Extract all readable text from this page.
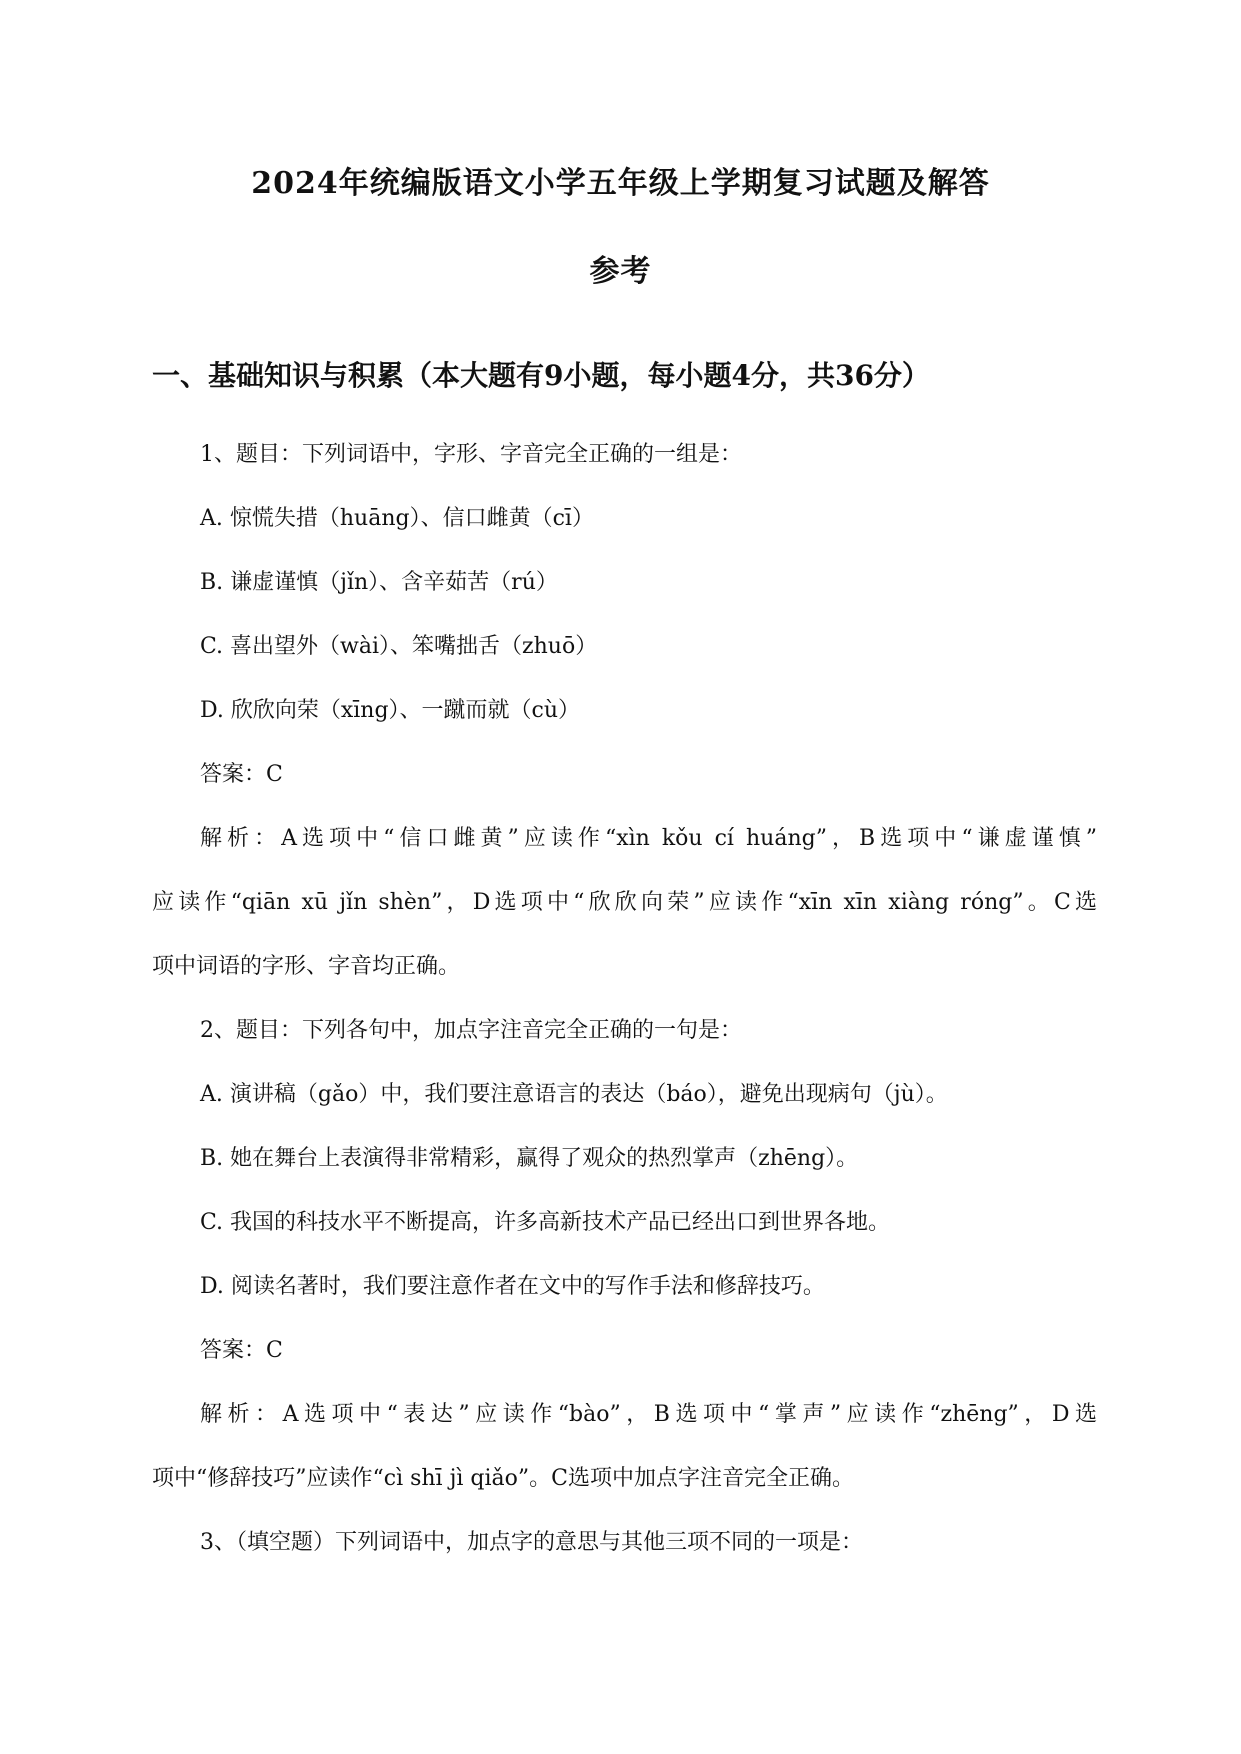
2024年统编版语文小学五年级上学期复习试题及解答
参考
一、基础知识与积累（本大题有9小题，每小题4分，共36分）
1、题目：下列词语中，字形、字音完全正确的一组是：
A. 惊慌失措（huāng）、信口雌黄（cī）
B. 谦虚谨慎（jǐn）、含辛茹苦（rú）
C. 喜出望外（wài）、笨嘴拙舌（zhuō）
D. 欣欣向荣（xīng）、一蹴而就（cù）
答案：C
解析：A选项中“信口雌黄”应读作“xìn kǒu cí huáng”，B选项中“谦虚谨慎”
应读作“qiān xū jǐn shèn”，D选项中“欣欣向荣”应读作“xīn xīn xiàng róng”。C选
项中词语的字形、字音均正确。
2、题目：下列各句中，加点字注音完全正确的一句是：
A. 演讲稿（gǎo）中，我们要注意语言的表达（báo），避免出现病句（jù）。
B. 她在舞台上表演得非常精彩，赢得了观众的热烈掌声（zhēng）。
C. 我国的科技水平不断提高，许多高新技术产品已经出口到世界各地。
D. 阅读名著时，我们要注意作者在文中的写作手法和修辞技巧。
答案：C
解析：A选项中“表达”应读作“bào”，B选项中“掌声”应读作“zhēng”，D选
项中“修辞技巧”应读作“cì shī jì qiǎo”。C选项中加点字注音完全正确。
3、（填空题）下列词语中，加点字的意思与其他三项不同的一项是：
